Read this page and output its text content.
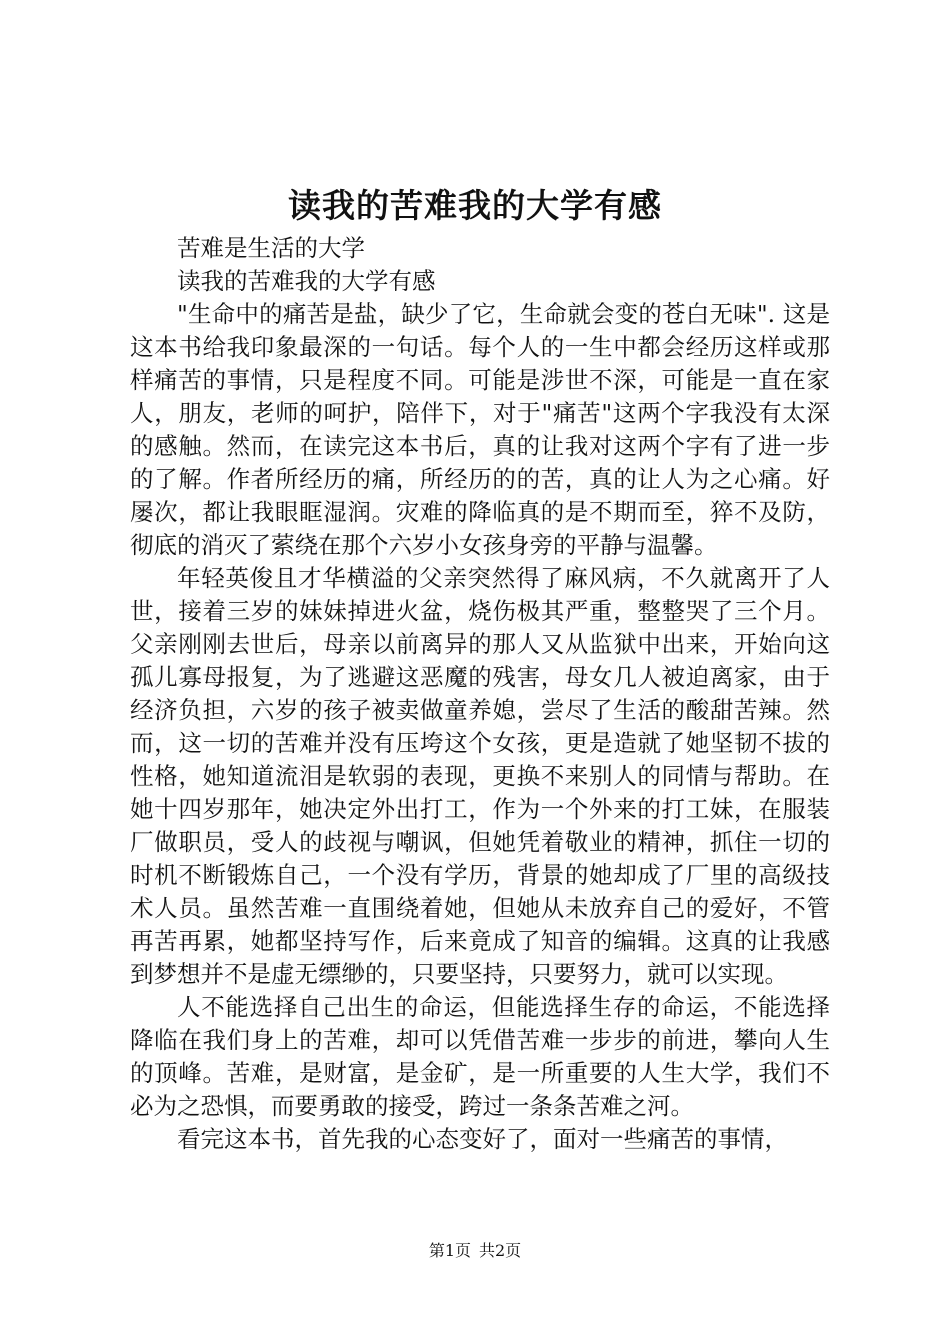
读我的苦难我的大学有感

苦难是生活的大学

读我的苦难我的大学有感

"生命中的痛苦是盐，缺少了它，生命就会变的苍白无味". 这是这本书给我印象最深的一句话。每个人的一生中都会经历这样或那样痛苦的事情，只是程度不同。可能是涉世不深，可能是一直在家人，朋友，老师的呵护，陪伴下，对于"痛苦"这两个字我没有太深的感触。然而，在读完这本书后，真的让我对这两个字有了进一步的了解。作者所经历的痛，所经历的的苦，真的让人为之心痛。好屡次，都让我眼眶湿润。灾难的降临真的是不期而至，猝不及防，彻底的消灭了萦绕在那个六岁小女孩身旁的平静与温馨。

年轻英俊且才华横溢的父亲突然得了麻风病，不久就离开了人世，接着三岁的妹妹掉进火盆，烧伤极其严重，整整哭了三个月。父亲刚刚去世后，母亲以前离异的那人又从监狱中出来，开始向这孤儿寡母报复，为了逃避这恶魔的残害，母女几人被迫离家，由于经济负担，六岁的孩子被卖做童养媳，尝尽了生活的酸甜苦辣。然而，这一切的苦难并没有压垮这个女孩，更是造就了她坚韧不拔的性格，她知道流泪是软弱的表现，更换不来别人的同情与帮助。在她十四岁那年，她决定外出打工，作为一个外来的打工妹，在服装厂做职员，受人的歧视与嘲讽，但她凭着敬业的精神，抓住一切的时机不断锻炼自己，一个没有学历，背景的她却成了厂里的高级技术人员。虽然苦难一直围绕着她，但她从未放弃自己的爱好，不管再苦再累，她都坚持写作，后来竟成了知音的编辑。这真的让我感到梦想并不是虚无缥缈的，只要坚持，只要努力，就可以实现。

人不能选择自己出生的命运，但能选择生存的命运，不能选择降临在我们身上的苦难，却可以凭借苦难一步步的前进，攀向人生的顶峰。苦难，是财富，是金矿，是一所重要的人生大学，我们不必为之恐惧，而要勇敢的接受，跨过一条条苦难之河。

看完这本书，首先我的心态变好了，面对一些痛苦的事情，

第1页 共2页
